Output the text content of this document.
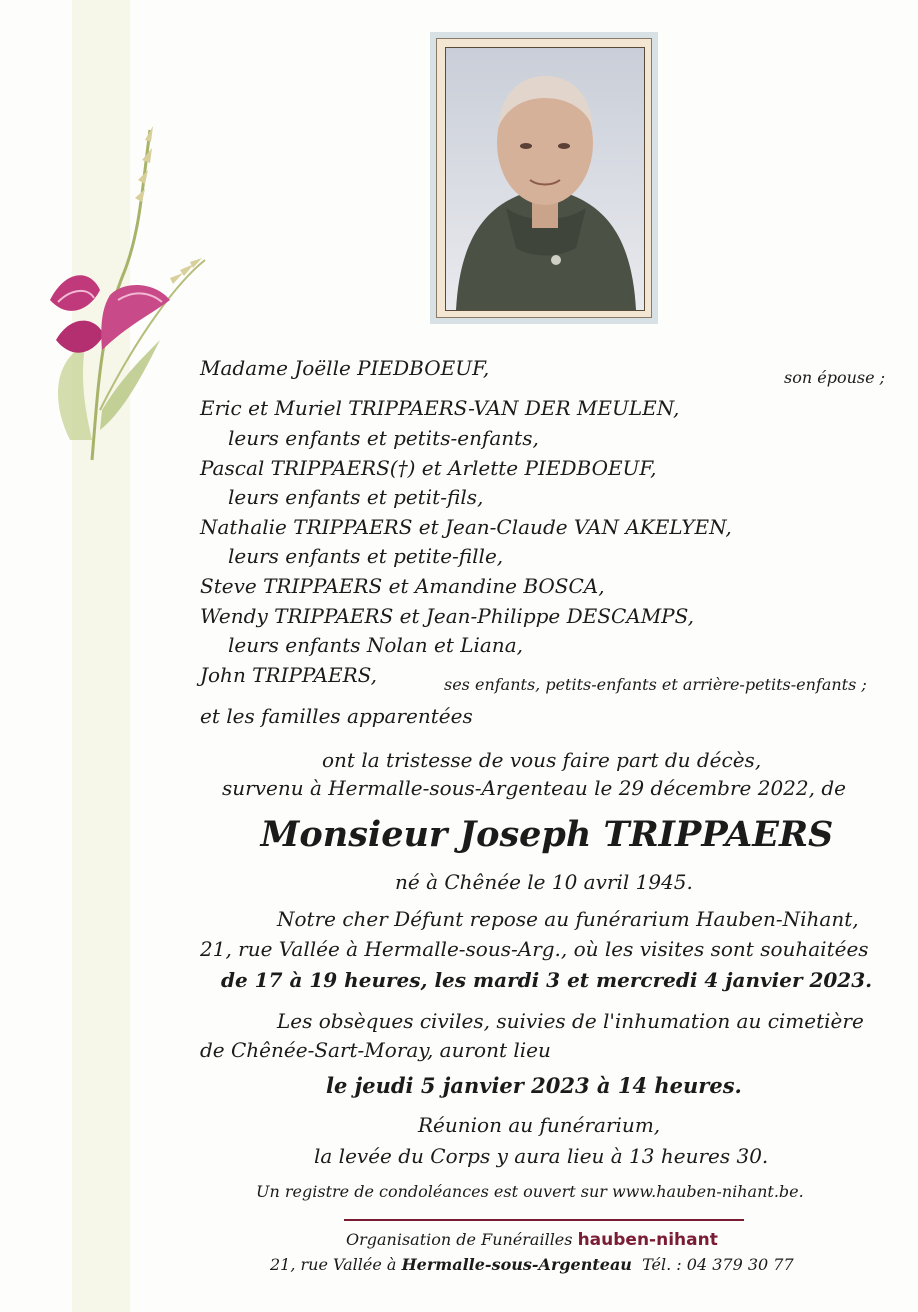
Madame Joëlle PIEDBOEUF,	son épouse ;
Eric et Muriel TRIPPAERS-VAN DER MEULEN,
leurs enfants et petits-enfants,
Pascal TRIPPAERS(†) et Arlette PIEDBOEUF,
leurs enfants et petit-fils,
Nathalie TRIPPAERS et Jean-Claude VAN AKELYEN,
leurs enfants et petite-fille,
Steve TRIPPAERS et Amandine BOSCA,
Wendy TRIPPAERS et Jean-Philippe DESCAMPS,
leurs enfants Nolan et Liana,
John TRIPPAERS,	ses enfants, petits-enfants et arrière-petits-enfants ;
et les familles apparentées
ont la tristesse de vous faire part du décès,
survenu à Hermalle-sous-Argenteau le 29 décembre 2022, de
Monsieur Joseph TRIPPAERS
né à Chênée le 10 avril 1945.
Notre cher Défunt repose au funérarium Hauben-Nihant,
21, rue Vallée à Hermalle-sous-Arg., où les visites sont souhaitées
de 17 à 19 heures, les mardi 3 et mercredi 4 janvier 2023.
Les obsèques civiles, suivies de l'inhumation au cimetière
de Chênée-Sart-Moray, auront lieu
le jeudi 5 janvier 2023 à 14 heures.
Réunion au funérarium,
la levée du Corps y aura lieu à 13 heures 30.
Un registre de condoléances est ouvert sur www.hauben-nihant.be.
Organisation de Funérailles hauben-nihant
21, rue Vallée à Hermalle-sous-Argenteau Tél. : 04 379 30 77
